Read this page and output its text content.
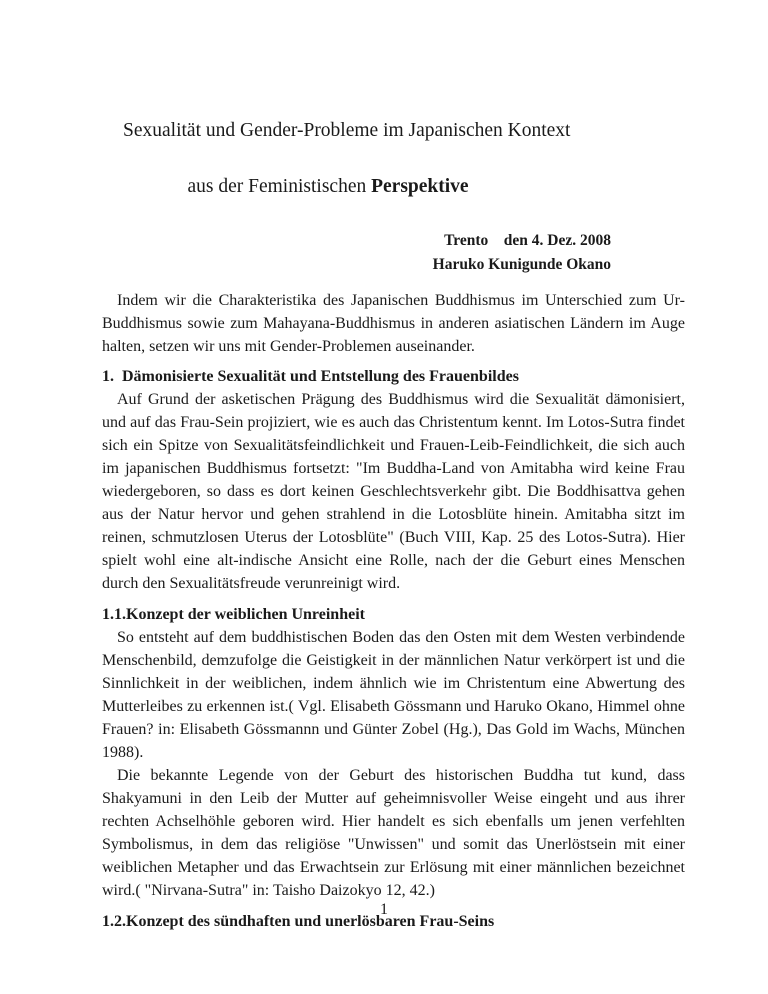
Sexualität und Gender-Probleme im Japanischen Kontext

aus der Feministischen Perspektive

Trento　den 4. Dez. 2008
Haruko Kunigunde Okano

Indem wir die Charakteristika des Japanischen Buddhismus im Unterschied zum Ur-Buddhismus sowie zum Mahayana-Buddhismus in anderen asiatischen Ländern im Auge halten, setzen wir uns mit Gender-Problemen auseinander.

1.  Dämonisierte Sexualität und Entstellung des Frauenbildes

Auf Grund der asketischen Prägung des Buddhismus wird die Sexualität dämonisiert, und auf das Frau-Sein projiziert, wie es auch das Christentum kennt. Im Lotos-Sutra findet sich ein Spitze von Sexualitätsfeindlichkeit und Frauen-Leib-Feindlichkeit, die sich auch im japanischen Buddhismus fortsetzt: "Im Buddha-Land von Amitabha wird keine Frau wiedergeboren, so dass es dort keinen Geschlechtsverkehr gibt. Die Boddhisattva gehen aus der Natur hervor und gehen strahlend in die Lotosblüte hinein. Amitabha sitzt im reinen, schmutzlosen Uterus der Lotosblüte" (Buch VIII, Kap. 25 des Lotos-Sutra). Hier spielt wohl eine alt-indische Ansicht eine Rolle, nach der die Geburt eines Menschen durch den Sexualitätsfreude verunreinigt wird.

1.1.Konzept der weiblichen Unreinheit

So entsteht auf dem buddhistischen Boden das den Osten mit dem Westen verbindende Menschenbild, demzufolge die Geistigkeit in der männlichen Natur verkörpert ist und die Sinnlichkeit in der weiblichen, indem ähnlich wie im Christentum eine Abwertung des Mutterleibes zu erkennen ist.( Vgl. Elisabeth Gössmann und Haruko Okano, Himmel ohne Frauen? in: Elisabeth Gössmannn und Günter Zobel (Hg.), Das Gold im Wachs, München 1988).

Die bekannte Legende von der Geburt des historischen Buddha tut kund, dass Shakyamuni in den Leib der Mutter auf geheimnisvoller Weise eingeht und aus ihrer rechten Achselhöhle geboren wird. Hier handelt es sich ebenfalls um jenen verfehlten Symbolismus, in dem das religiöse "Unwissen" und somit das Unerlöstsein mit einer weiblichen Metapher und das Erwachtsein zur Erlösung mit einer männlichen bezeichnet wird.( "Nirvana-Sutra" in: Taisho Daizokyo 12, 42.)

1.2.Konzept des sündhaften und unerlösbaren Frau-Seins

1
